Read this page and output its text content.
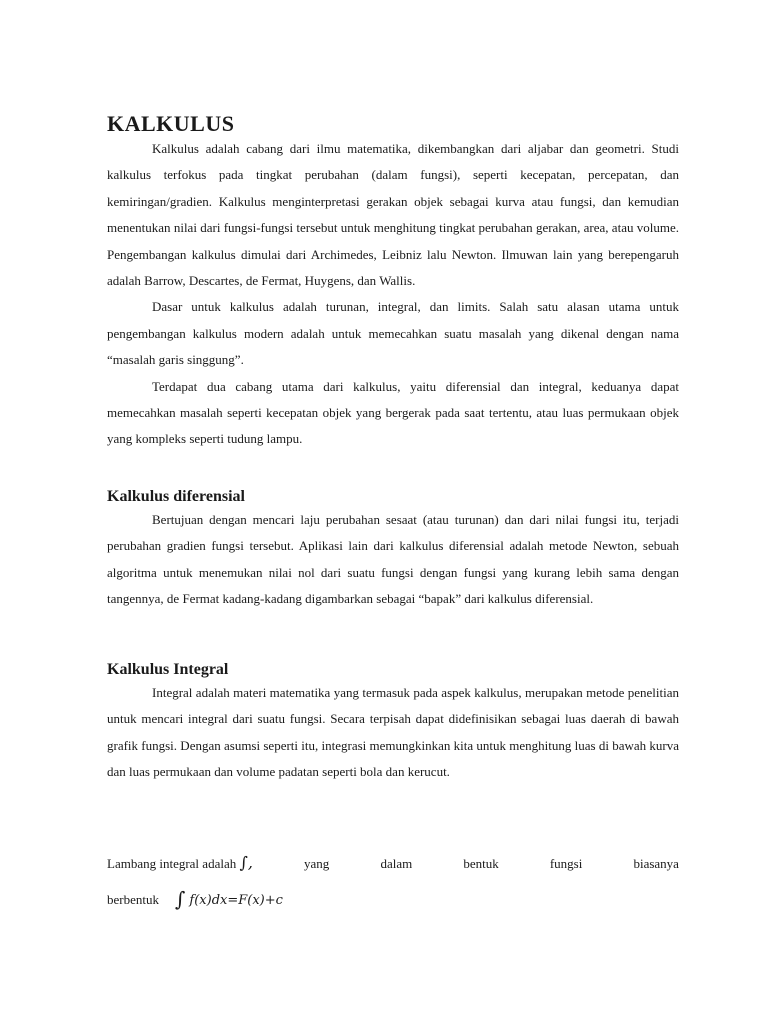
KALKULUS

Kalkulus adalah cabang dari ilmu matematika, dikembangkan dari aljabar dan geometri. Studi kalkulus terfokus pada tingkat perubahan (dalam fungsi), seperti kecepatan, percepatan, dan kemiringan/gradien. Kalkulus menginterpretasi gerakan objek sebagai kurva atau fungsi, dan kemudian menentukan nilai dari fungsi-fungsi tersebut untuk menghitung tingkat perubahan gerakan, area, atau volume. Pengembangan kalkulus dimulai dari Archimedes, Leibniz lalu Newton. Ilmuwan lain yang berepengaruh adalah Barrow, Descartes, de Fermat, Huygens, dan Wallis.

Dasar untuk kalkulus adalah turunan, integral, dan limits. Salah satu alasan utama untuk pengembangan kalkulus modern adalah untuk memecahkan suatu masalah yang dikenal dengan nama “masalah garis singgung”.

Terdapat dua cabang utama dari kalkulus, yaitu diferensial dan integral, keduanya dapat memecahkan masalah seperti kecepatan objek yang bergerak pada saat tertentu, atau luas permukaan objek yang kompleks seperti tudung lampu.

Kalkulus diferensial

Bertujuan dengan mencari laju perubahan sesaat (atau turunan) dan dari nilai fungsi itu, terjadi perubahan gradien fungsi tersebut. Aplikasi lain dari kalkulus diferensial adalah metode Newton, sebuah algoritma untuk menemukan nilai nol dari suatu fungsi dengan fungsi yang kurang lebih sama dengan tangennya, de Fermat kadang-kadang digambarkan sebagai “bapak” dari kalkulus diferensial.

Kalkulus Integral

Integral adalah materi matematika yang termasuk pada aspek kalkulus, merupakan metode penelitian untuk mencari integral dari suatu fungsi. Secara terpisah dapat didefinisikan sebagai luas daerah di bawah grafik fungsi. Dengan asumsi seperti itu, integrasi memungkinkan kita untuk menghitung luas di bawah kurva dan luas permukaan dan volume padatan seperti bola dan kerucut.

Lambang integral adalah ∫,	yang	dalam	bentuk	fungsi	biasanya
berbentuk ∫ f(x)dx=F(x)+c
